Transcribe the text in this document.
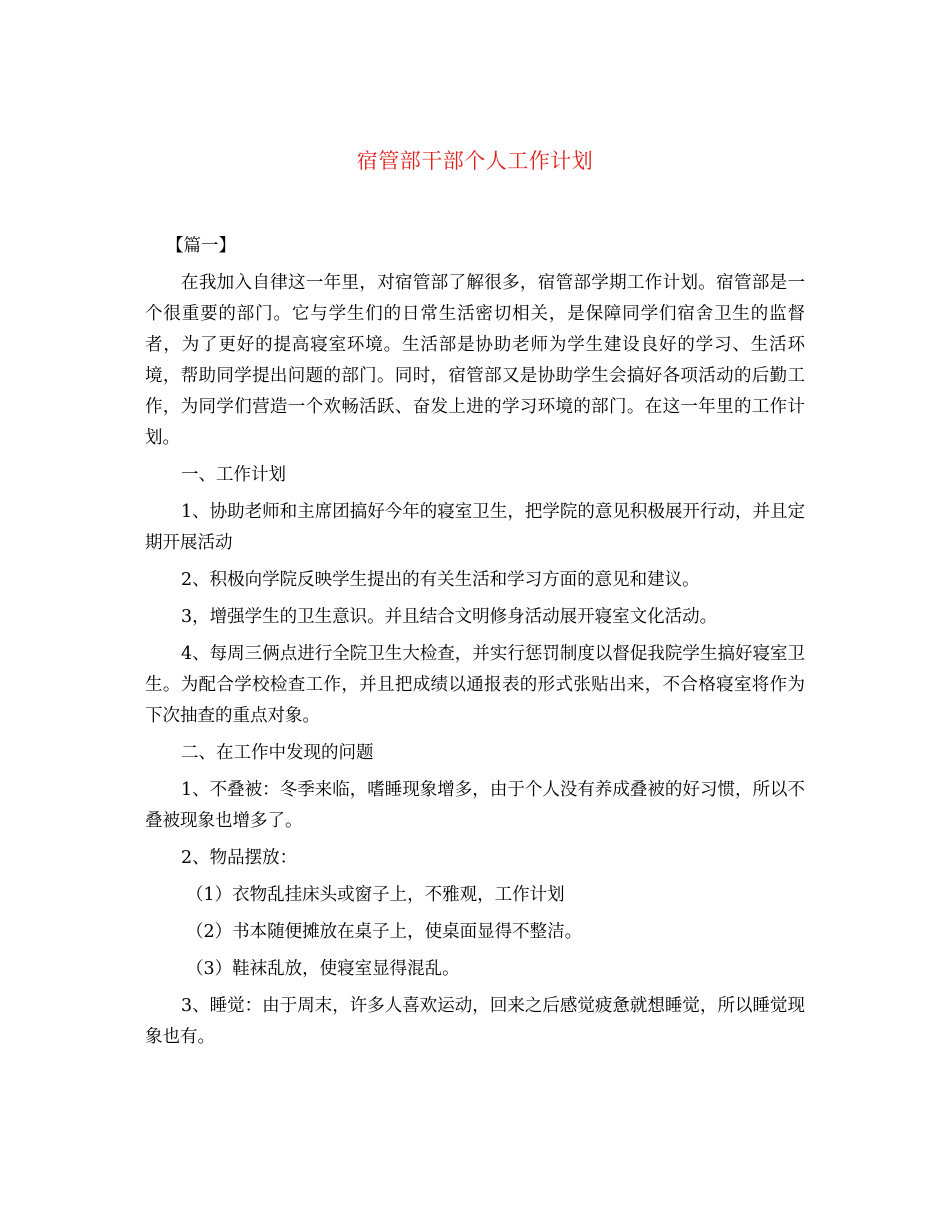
宿管部干部个人工作计划

【篇一】

在我加入自律这一年里，对宿管部了解很多，宿管部学期工作计划。宿管部是一个很重要的部门。它与学生们的日常生活密切相关，是保障同学们宿舍卫生的监督者，为了更好的提高寝室环境。生活部是协助老师为学生建设良好的学习、生活环境，帮助同学提出问题的部门。同时，宿管部又是协助学生会搞好各项活动的后勤工作，为同学们营造一个欢畅活跃、奋发上进的学习环境的部门。在这一年里的工作计划。

一、工作计划

1、协助老师和主席团搞好今年的寝室卫生，把学院的意见积极展开行动，并且定期开展活动

2、积极向学院反映学生提出的有关生活和学习方面的意见和建议。

3，增强学生的卫生意识。并且结合文明修身活动展开寝室文化活动。

4、每周三俩点进行全院卫生大检查，并实行惩罚制度以督促我院学生搞好寝室卫生。为配合学校检查工作，并且把成绩以通报表的形式张贴出来，不合格寝室将作为下次抽查的重点对象。

二、在工作中发现的问题

1、不叠被：冬季来临，嗜睡现象增多，由于个人没有养成叠被的好习惯，所以不叠被现象也增多了。

2、物品摆放：

（1）衣物乱挂床头或窗子上，不雅观，工作计划

（2）书本随便摊放在桌子上，使桌面显得不整洁。

（3）鞋袜乱放，使寝室显得混乱。

3、睡觉：由于周末，许多人喜欢运动，回来之后感觉疲惫就想睡觉，所以睡觉现象也有。
